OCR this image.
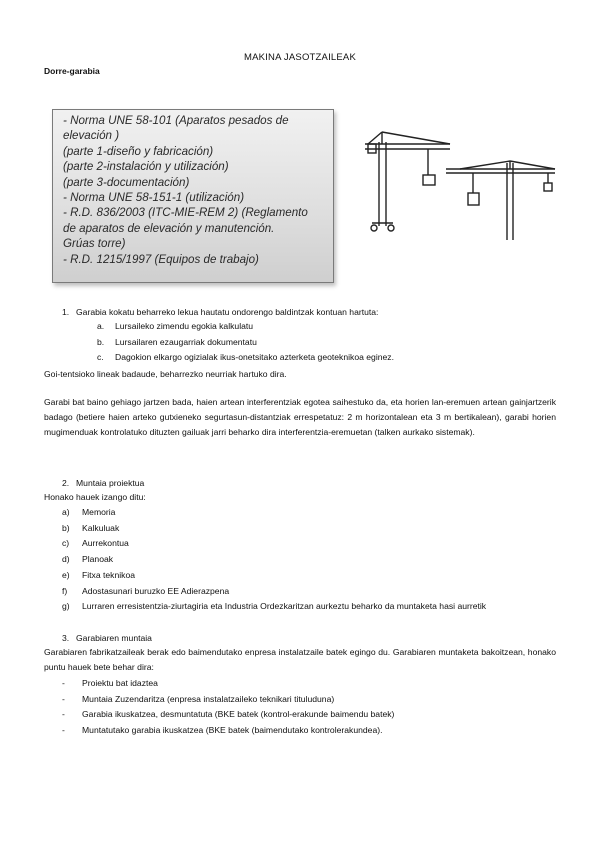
MAKINA JASOTZAILEAK
Dorre-garabia
- Norma UNE 58-101 (Aparatos pesados de
elevación )
(parte 1-diseño y fabricación)
(parte 2-instalación y utilización)
(parte 3-documentación)
- Norma UNE 58-151-1 (utilización)
- R.D. 836/2003 (ITC-MIE-REM 2) (Reglamento
de aparatos de elevación y manutención.
Grúas torre)
- R.D. 1215/1997 (Equipos de trabajo)
1. Garabia kokatu beharreko lekua hautatu ondorengo baldintzak kontuan hartuta:
a. Lursaileko zimendu egokia kalkulatu
b. Lursailaren ezaugarriak dokumentatu
c. Dagokion elkargo ogizialak ikus-onetsitako azterketa geoteknikoa eginez.
Goi-tentsioko lineak badaude, beharrezko neurriak hartuko dira.
Garabi bat baino gehiago jartzen bada, haien artean interferentziak egotea saihestuko da, eta horien lan-eremuen artean gainjartzerik badago (betiere haien arteko gutxieneko segurtasun-distantziak errespetatuz: 2 m horizontalean eta 3 m bertikalean), garabi horien mugimenduak kontrolatuko dituzten gailuak jarri beharko dira interferentzia-eremuetan (talken aurkako sistemak).
2. Muntaia proiektua
Honako hauek izango ditu:
a) Memoria
b) Kalkuluak
c) Aurrekontua
d) Planoak
e) Fitxa teknikoa
f) Adostasunari buruzko EE Adierazpena
g) Lurraren erresistentzia-ziurtagiria eta Industria Ordezkaritzan aurkeztu beharko da muntaketa hasi aurretik
3. Garabiaren muntaia
Garabiaren fabrikatzaileak berak edo baimendutako enpresa instalatzaile batek egingo du. Garabiaren muntaketa bakoitzean, honako puntu hauek bete behar dira:
- Proiektu bat idaztea
- Muntaia Zuzendaritza (enpresa instalatzaileko teknikari tituluduna)
- Garabia ikuskatzea, desmuntatuta (BKE batek (kontrol-erakunde baimendu batek)
- Muntatutako garabia ikuskatzea (BKE batek (baimendutako kontrolerakundea).
